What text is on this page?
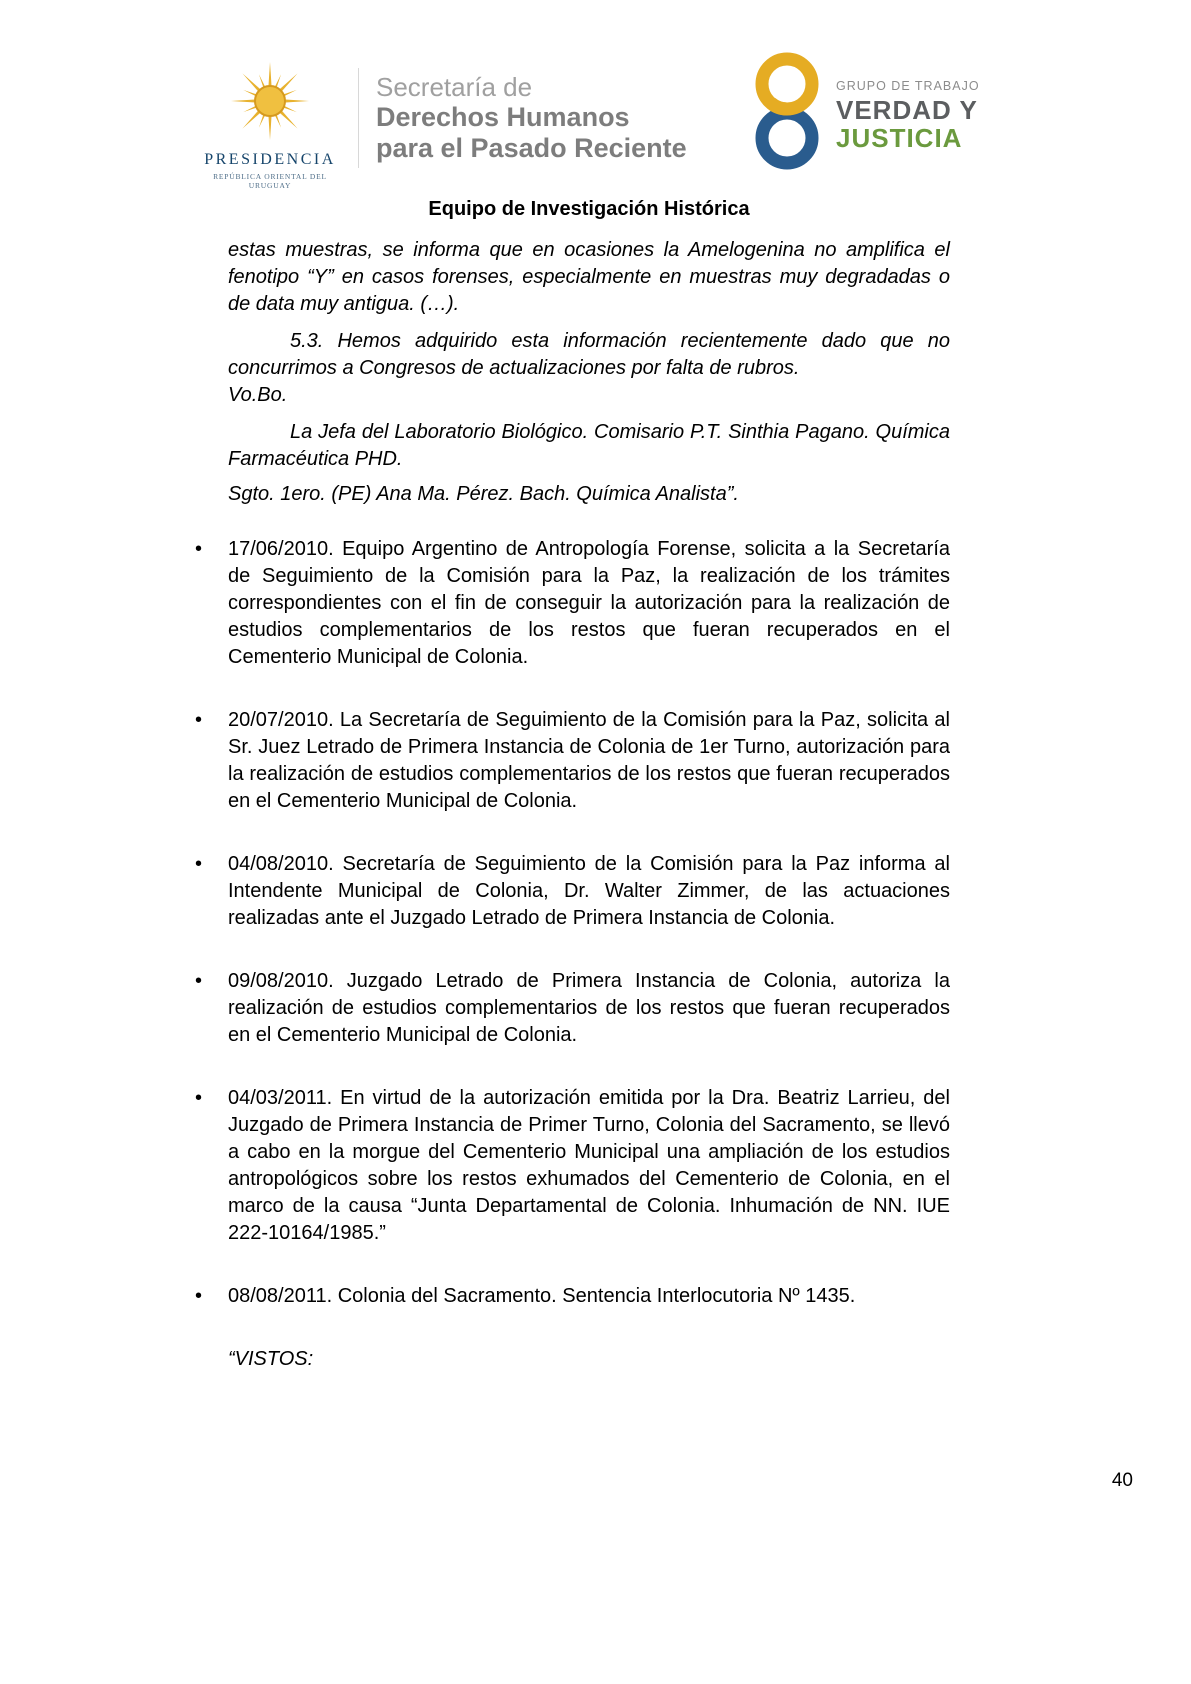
PRESIDENCIA
REPÚBLICA ORIENTAL DEL URUGUAY
Secretaría de
Derechos Humanos
para el Pasado Reciente
GRUPO DE TRABAJO
VERDAD Y
JUSTICIA
Equipo de Investigación Histórica

estas muestras, se informa que en ocasiones la Amelogenina no amplifica el fenotipo “Y” en casos forenses, especialmente en muestras muy degradadas o de data muy antigua. (…).

5.3. Hemos adquirido esta información recientemente dado que no concurrimos a Congresos de actualizaciones por falta de rubros.

Vo.Bo.

La Jefa del Laboratorio Biológico. Comisario P.T. Sinthia Pagano. Química Farmacéutica PHD.

Sgto. 1ero. (PE) Ana Ma. Pérez. Bach. Química Analista”.

• 17/06/2010. Equipo Argentino de Antropología Forense, solicita a la Secretaría de Seguimiento de la Comisión para la Paz, la realización de los trámites correspondientes con el fin de conseguir la autorización para la realización de estudios complementarios de los restos que fueran recuperados en el Cementerio Municipal de Colonia.
• 20/07/2010. La Secretaría de Seguimiento de la Comisión para la Paz, solicita al Sr. Juez Letrado de Primera Instancia de Colonia de 1er Turno, autorización para la realización de estudios complementarios de los restos que fueran recuperados en el Cementerio Municipal de Colonia.
• 04/08/2010. Secretaría de Seguimiento de la Comisión para la Paz informa al Intendente Municipal de Colonia, Dr. Walter Zimmer, de las actuaciones realizadas ante el Juzgado Letrado de Primera Instancia de Colonia.
• 09/08/2010. Juzgado Letrado de Primera Instancia de Colonia, autoriza la realización de estudios complementarios de los restos que fueran recuperados en el Cementerio Municipal de Colonia.
• 04/03/2011. En virtud de la autorización emitida por la Dra. Beatriz Larrieu, del Juzgado de Primera Instancia de Primer Turno, Colonia del Sacramento, se llevó a cabo en la morgue del Cementerio Municipal una ampliación de los estudios antropológicos sobre los restos exhumados del Cementerio de Colonia, en el marco de la causa “Junta Departamental de Colonia. Inhumación de NN. IUE 222-10164/1985.”
• 08/08/2011. Colonia del Sacramento. Sentencia Interlocutoria Nº 1435.

“VISTOS:

40
